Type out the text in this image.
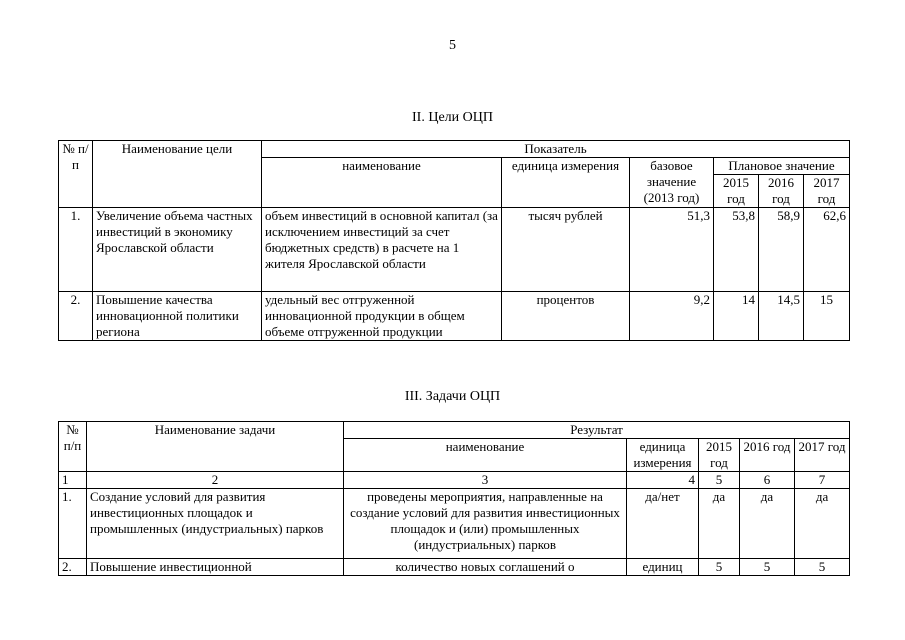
5
II. Цели ОЦП
№ п/п	Наименование цели	Показатель					
		наименование	единица измерения	базовое значение (2013 год)	Плановое значение		
					2015 год	2016 год	2017 год
1.	Увеличение объема частных инвестиций в экономику Ярославской области	объем инвестиций в основной капитал (за исключением инвестиций за счет бюджетных средств) в расчете на 1 жителя Ярославской области	тысяч рублей	51,3	53,8	58,9	62,6
2.	Повышение качества инновационной политики региона	удельный вес отгруженной инновационной продукции в общем объеме отгруженной продукции	процентов	9,2	14	14,5	15
III. Задачи ОЦП
№ п/п	Наименование задачи	Результат				
		наименование	единица измерения	2015 год	2016 год	2017 год
1	2	3	4	5	6	7
1.	Создание условий для развития инвестиционных площадок и промышленных (индустриальных) парков	проведены мероприятия, направленные на создание условий для развития инвестиционных площадок и (или) промышленных (индустриальных) парков	да/нет	да	да	да
2.	Повышение инвестиционной	количество новых соглашений о	единиц	5	5	5
